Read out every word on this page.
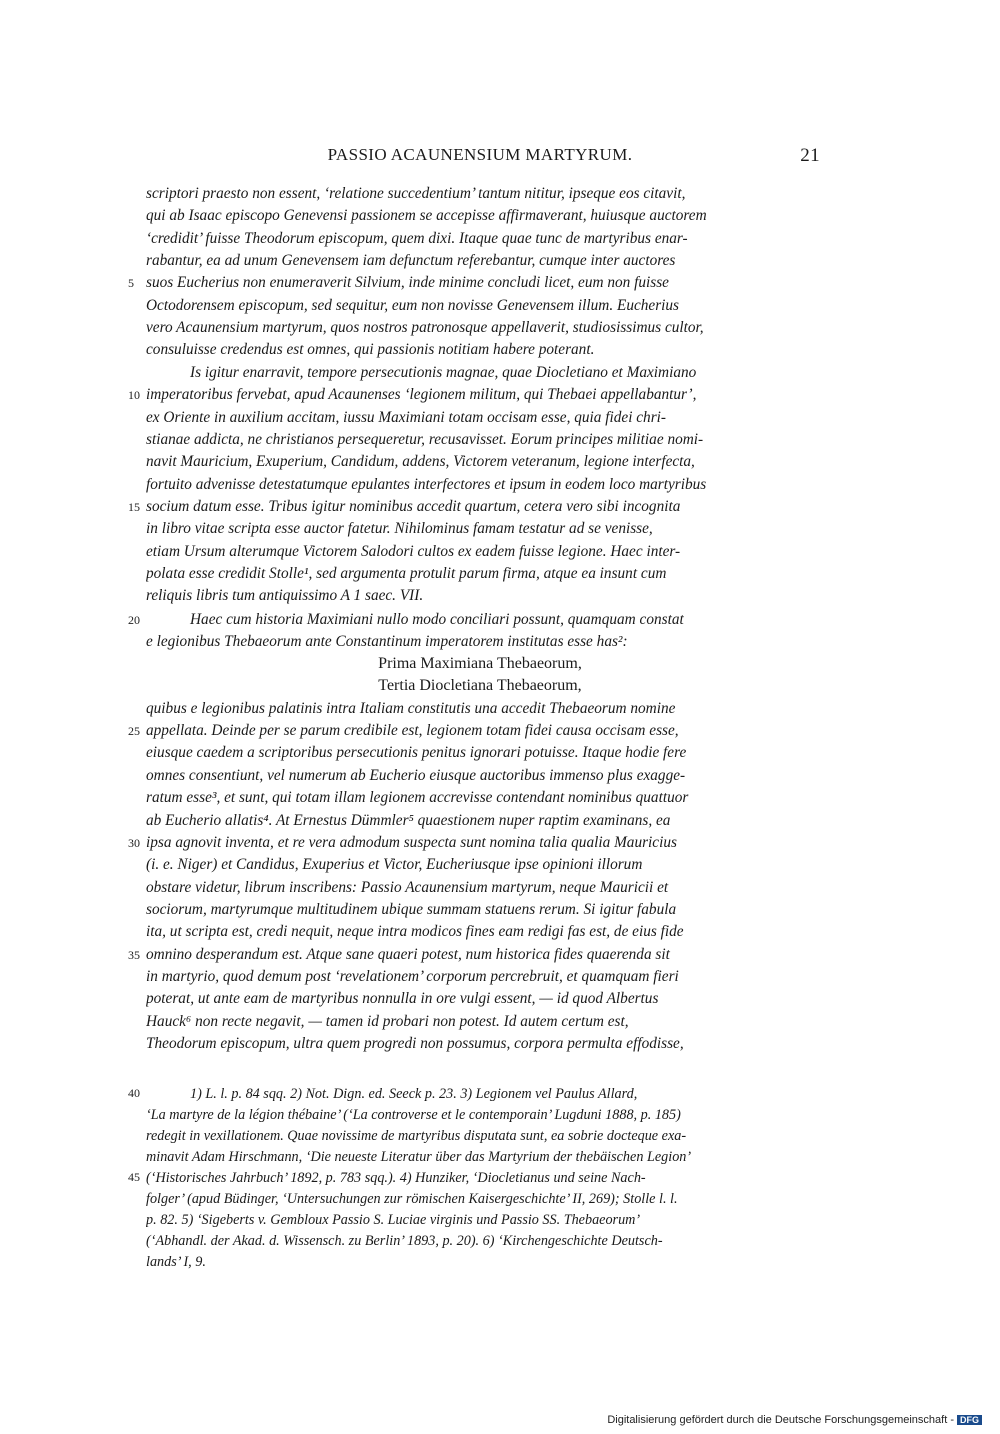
PASSIO ACAUNENSIUM MARTYRUM.	21
scriptori praesto non essent, ‘relatione succedentium’ tantum nititur, ipseque eos citavit,
qui ab Isaac episcopo Genevensi passionem se accepisse affirmaverant, huiusque auctorem
‘credidit’ fuisse Theodorum episcopum, quem dixi. Itaque quae tunc de martyribus enar-
rabantur, ea ad unum Genevensem iam defunctum referebantur, cumque inter auctores
suos Eucherius non enumeraverit Silvium, inde minime concludi licet, eum non fuisse
Octodorensem episcopum, sed sequitur, eum non novisse Genevensem illum. Eucherius
vero Acaunensium martyrum, quos nostros patronosque appellaverit, studiosissimus cultor,
consuluisse credendus est omnes, qui passionis notitiam habere poterant.
Is igitur enarravit, tempore persecutionis magnae, quae Diocletiano et Maximiano
imperatoribus fervebat, apud Acaunenses ‘legionem militum, qui Thebaei appellabantur’,
ex Oriente in auxilium accitam, iussu Maximiani totam occisam esse, quia fidei chri-
stianae addicta, ne christianos persequeretur, recusavisset. Eorum principes militiae nomi-
navit Mauricium, Exuperium, Candidum, addens, Victorem veteranum, legione interfecta,
fortuito advenisse detestatumque epulantes interfectores et ipsum in eodem loco martyribus
socium datum esse. Tribus igitur nominibus accedit quartum, cetera vero sibi incognita
in libro vitae scripta esse auctor fatetur. Nihilominus famam testatur ad se venisse,
etiam Ursum alterumque Victorem Salodori cultos ex eadem fuisse legione. Haec inter-
polata esse credidit Stolle¹, sed argumenta protulit parum firma, atque ea insunt cum
reliquis libris tum antiquissimo A 1 saec. VII.
Haec cum historia Maximiani nullo modo conciliari possunt, quamquam constat
e legionibus Thebaeorum ante Constantinum imperatorem institutas esse has²:
Prima Maximiana Thebaeorum,
Tertia Diocletiana Thebaeorum,
quibus e legionibus palatinis intra Italiam constitutis una accedit Thebaeorum nomine
appellata. Deinde per se parum credibile est, legionem totam fidei causa occisam esse,
eiusque caedem a scriptoribus persecutionis penitus ignorari potuisse. Itaque hodie fere
omnes consentiunt, vel numerum ab Eucherio eiusque auctoribus immenso plus exagge-
ratum esse³, et sunt, qui totam illam legionem accrevisse contendant nominibus quattuor
ab Eucherio allatis⁴. At Ernestus Dümmler⁵ quaestionem nuper raptim examinans, ea
ipsa agnovit inventa, et re vera admodum suspecta sunt nomina talia qualia Mauricius
(i. e. Niger) et Candidus, Exuperius et Victor, Eucheriusque ipse opinioni illorum
obstare videtur, librum inscribens: Passio Acaunensium martyrum, neque Mauricii et
sociorum, martyrumque multitudinem ubique summam statuens rerum. Si igitur fabula
ita, ut scripta est, credi nequit, neque intra modicos fines eam redigi fas est, de eius fide
omnino desperandum est. Atque sane quaeri potest, num historica fides quaerenda sit
in martyrio, quod demum post ‘revelationem’ corporum percrebruit, et quamquam fieri
poterat, ut ante eam de martyribus nonnulla in ore vulgi essent, — id quod Albertus
Hauck⁶ non recte negavit, — tamen id probari non potest. Id autem certum est,
Theodorum episcopum, ultra quem progredi non possumus, corpora permulta effodisse,
1) L. l. p. 84 sqq. 2) Not. Dign. ed. Seeck p. 23. 3) Legionem vel Paulus Allard,
‘La martyre de la légion thébaine’ (‘La controverse et le contemporain’ Lugduni 1888, p. 185)
redegit in vexillationem. Quae novissime de martyribus disputata sunt, ea sobrie docteque exa-
minavit Adam Hirschmann, ‘Die neueste Literatur über das Martyrium der thebäischen Legion’
(‘Historisches Jahrbuch’ 1892, p. 783 sqq.). 4) Hunziker, ‘Diocletianus und seine Nach-
folger’ (apud Büdinger, ‘Untersuchungen zur römischen Kaisergeschichte’ II, 269); Stolle l. l.
p. 82. 5) ‘Sigeberts v. Gembloux Passio S. Luciae virginis und Passio SS. Thebaeorum’
(‘Abhandl. der Akad. d. Wissensch. zu Berlin’ 1893, p. 20). 6) ‘Kirchengeschichte Deutsch-
lands’ I, 9.
5
10
15
20
25
30
35
40
45
Digitalisierung gefördert durch die Deutsche Forschungsgemeinschaft - DFG
